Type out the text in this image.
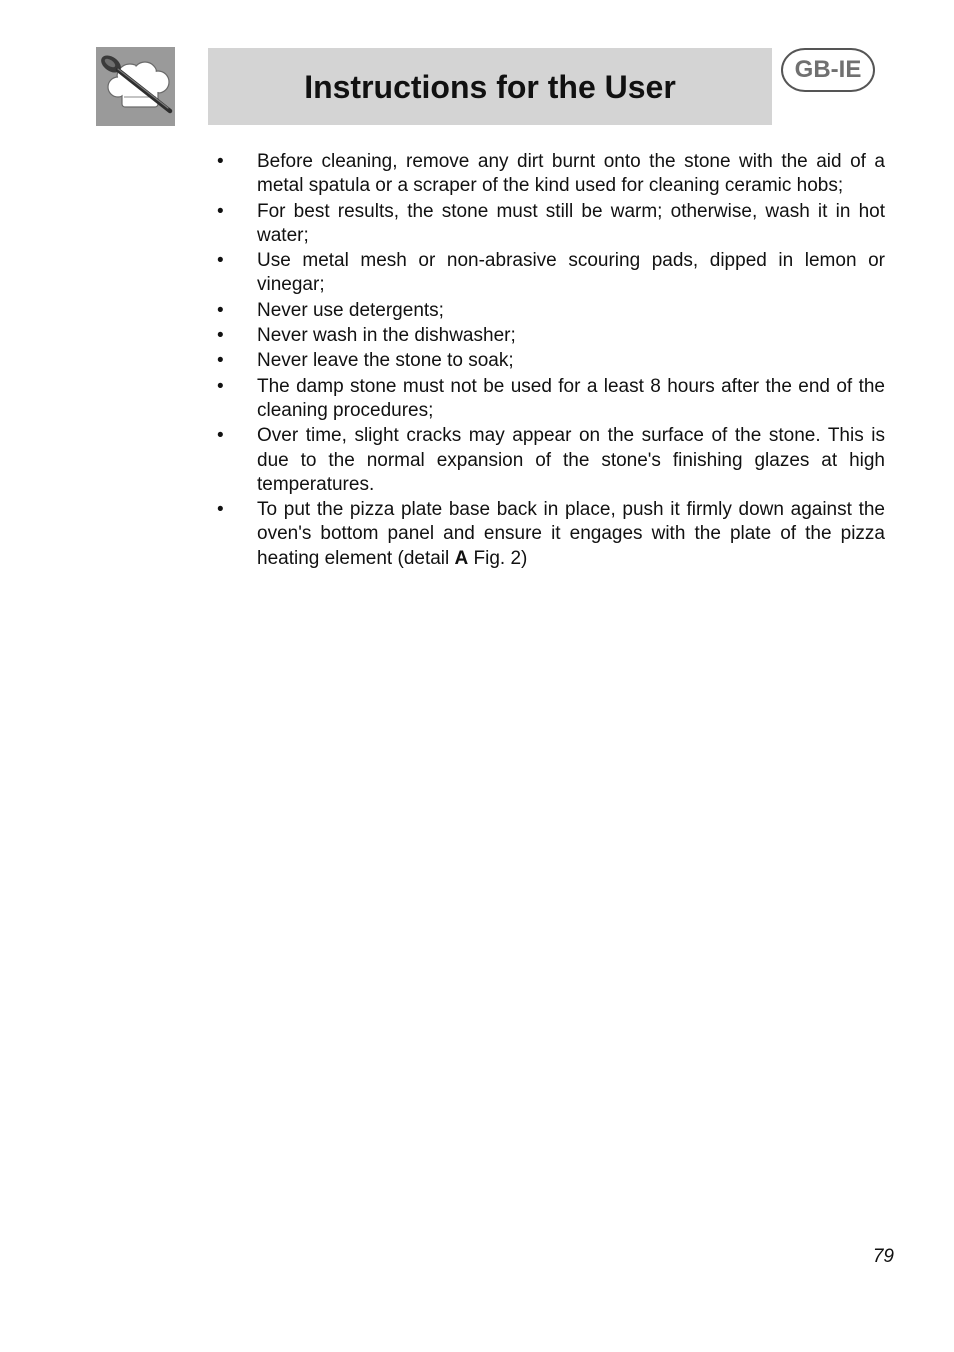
Instructions for the User	GB-IE
• Before cleaning, remove any dirt burnt onto the stone with the aid of a metal spatula or a scraper of the kind used for cleaning ceramic hobs;
• For best results, the stone must still be warm; otherwise, wash it in hot water;
• Use metal mesh or non-abrasive scouring pads, dipped in lemon or vinegar;
• Never use detergents;
• Never wash in the dishwasher;
• Never leave the stone to soak;
• The damp stone must not be used for a least 8 hours after the end of the cleaning procedures;
• Over time, slight cracks may appear on the surface of the stone. This is due to the normal expansion of the stone's finishing glazes at high temperatures.
• To put the pizza plate base back in place, push it firmly down against the oven's bottom panel and ensure it engages with the plate of the pizza heating element (detail A Fig. 2)
79
